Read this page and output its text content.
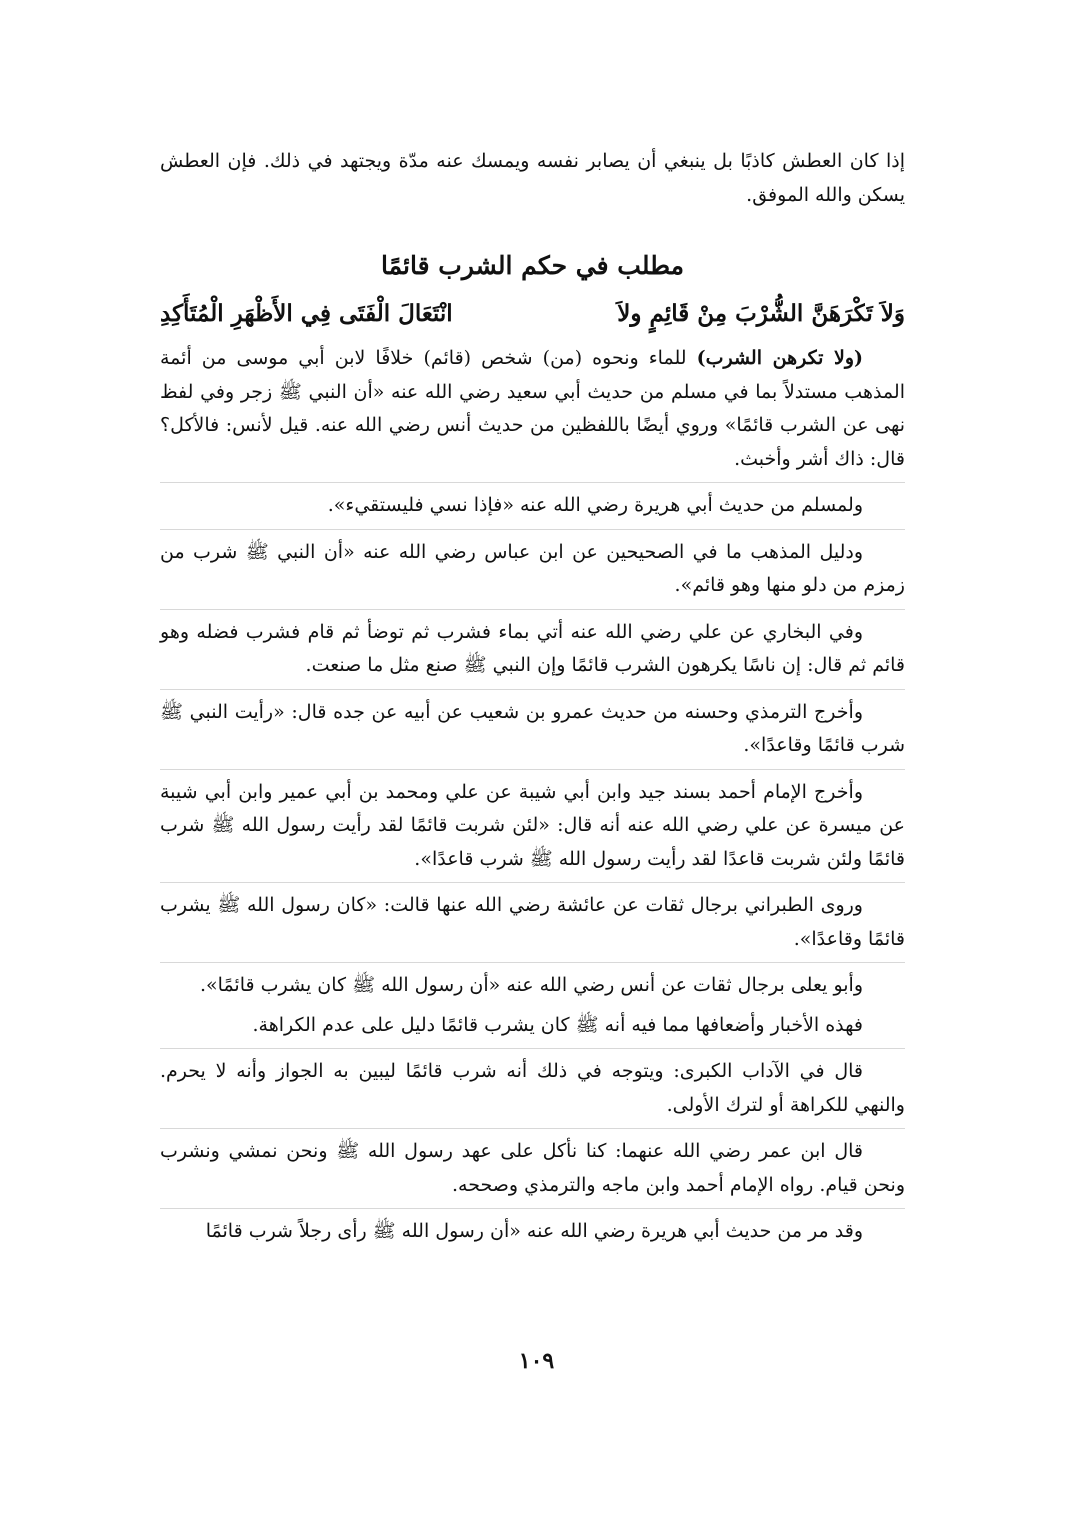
إذا كان العطش كاذبًا بل ينبغي أن يصابر نفسه ويمسك عنه مدّة ويجتهد في ذلك. فإن العطش يسكن والله الموفق.

مطلب في حكم الشرب قائمًا
وَلاَ تَكْرَهَنَّ الشُّرْبَ مِنْ قَائِمٍ ولاَ
انْتَعَالَ الْفَتَى فِي الأَظْهَرِ الْمُتَأَكِدِ

(ولا تكرهن الشرب) للماء ونحوه (من) شخص (قائم) خلافًا لابن أبي موسى من أئمة المذهب مستدلاً بما في مسلم من حديث أبي سعيد رضي الله عنه «أن النبي ﷺ زجر وفي لفظ نهى عن الشرب قائمًا» وروي أيضًا باللفظين من حديث أنس رضي الله عنه. قيل لأنس: فالأكل؟ قال: ذاك أشر وأخبث.

ولمسلم من حديث أبي هريرة رضي الله عنه «فإذا نسي فليستقيء».

ودليل المذهب ما في الصحيحين عن ابن عباس رضي الله عنه «أن النبي ﷺ شرب من زمزم من دلو منها وهو قائم».

وفي البخاري عن علي رضي الله عنه أتي بماء فشرب ثم توضأ ثم قام فشرب فضله وهو قائم ثم قال: إن ناسًا يكرهون الشرب قائمًا وإن النبي ﷺ صنع مثل ما صنعت.

وأخرج الترمذي وحسنه من حديث عمرو بن شعيب عن أبيه عن جده قال: «رأيت النبي ﷺ شرب قائمًا وقاعدًا».

وأخرج الإمام أحمد بسند جيد وابن أبي شيبة عن علي ومحمد بن أبي عمير وابن أبي شيبة عن ميسرة عن علي رضي الله عنه أنه قال: «لئن شربت قائمًا لقد رأيت رسول الله ﷺ شرب قائمًا ولئن شربت قاعدًا لقد رأيت رسول الله ﷺ شرب قاعدًا».

وروى الطبراني برجال ثقات عن عائشة رضي الله عنها قالت: «كان رسول الله ﷺ يشرب قائمًا وقاعدًا».

وأبو يعلى برجال ثقات عن أنس رضي الله عنه «أن رسول الله ﷺ كان يشرب قائمًا».

فهذه الأخبار وأضعافها مما فيه أنه ﷺ كان يشرب قائمًا دليل على عدم الكراهة.

قال في الآداب الكبرى: ويتوجه في ذلك أنه شرب قائمًا ليبين به الجواز وأنه لا يحرم. والنهي للكراهة أو لترك الأولى.

قال ابن عمر رضي الله عنهما: كنا نأكل على عهد رسول الله ﷺ ونحن نمشي ونشرب ونحن قيام. رواه الإمام أحمد وابن ماجه والترمذي وصححه.

وقد مر من حديث أبي هريرة رضي الله عنه «أن رسول الله ﷺ رأى رجلاً شرب قائمًا

١٠٩
